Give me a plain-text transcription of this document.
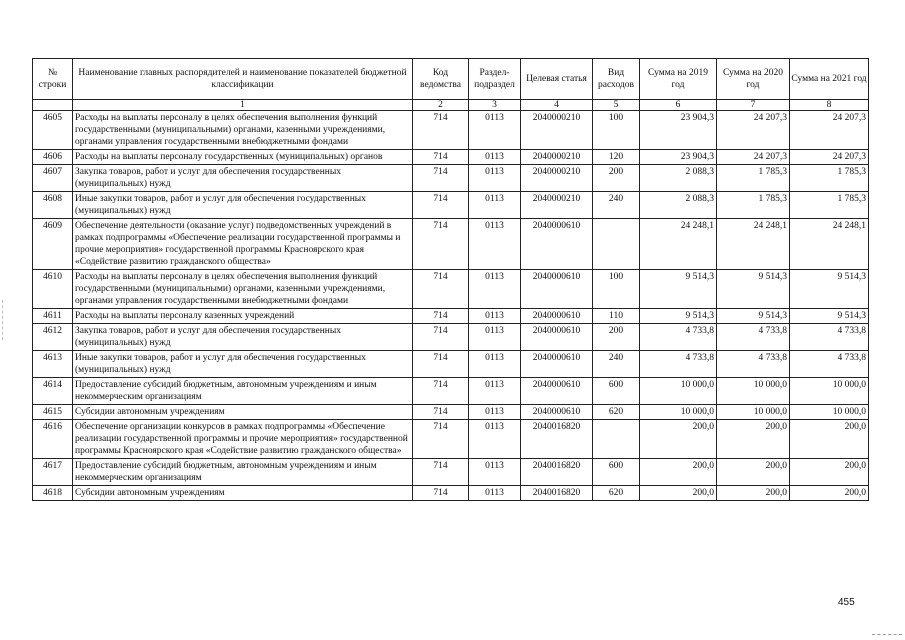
№ строки	Наименование главных распорядителей и наименование показателей бюджетной классификации	Код ведомства	Раздел-подраздел	Целевая статья	Вид расходов	Сумма на 2019 год	Сумма на 2020 год	Сумма на 2021 год
	1	2	3	4	5	6	7	8
4605	Расходы на выплаты персоналу в целях обеспечения выполнения функций государственными (муниципальными) органами, казенными учреждениями, органами управления государственными внебюджетными фондами	714	0113	2040000210	100	23 904,3	24 207,3	24 207,3
4606	Расходы на выплаты персоналу государственных (муниципальных) органов	714	0113	2040000210	120	23 904,3	24 207,3	24 207,3
4607	Закупка товаров, работ и услуг для обеспечения государственных (муниципальных) нужд	714	0113	2040000210	200	2 088,3	1 785,3	1 785,3
4608	Иные закупки товаров, работ и услуг для обеспечения государственных (муниципальных) нужд	714	0113	2040000210	240	2 088,3	1 785,3	1 785,3
4609	Обеспечение деятельности (оказание услуг) подведомственных учреждений в рамках подпрограммы «Обеспечение реализации государственной программы и прочие мероприятия» государственной программы Красноярского края «Содействие развитию гражданского общества»	714	0113	2040000610		24 248,1	24 248,1	24 248,1
4610	Расходы на выплаты персоналу в целях обеспечения выполнения функций государственными (муниципальными) органами, казенными учреждениями, органами управления государственными внебюджетными фондами	714	0113	2040000610	100	9 514,3	9 514,3	9 514,3
4611	Расходы на выплаты персоналу казенных учреждений	714	0113	2040000610	110	9 514,3	9 514,3	9 514,3
4612	Закупка товаров, работ и услуг для обеспечения государственных (муниципальных) нужд	714	0113	2040000610	200	4 733,8	4 733,8	4 733,8
4613	Иные закупки товаров, работ и услуг для обеспечения государственных (муниципальных) нужд	714	0113	2040000610	240	4 733,8	4 733,8	4 733,8
4614	Предоставление субсидий бюджетным, автономным учреждениям и иным некоммерческим организациям	714	0113	2040000610	600	10 000,0	10 000,0	10 000,0
4615	Субсидии автономным учреждениям	714	0113	2040000610	620	10 000,0	10 000,0	10 000,0
4616	Обеспечение организации конкурсов в рамках подпрограммы «Обеспечение реализации государственной программы и прочие мероприятия» государственной программы Красноярского края «Содействие развитию гражданского общества»	714	0113	2040016820		200,0	200,0	200,0
4617	Предоставление субсидий бюджетным, автономным учреждениям и иным некоммерческим организациям	714	0113	2040016820	600	200,0	200,0	200,0
4618	Субсидии автономным учреждениям	714	0113	2040016820	620	200,0	200,0	200,0
455
